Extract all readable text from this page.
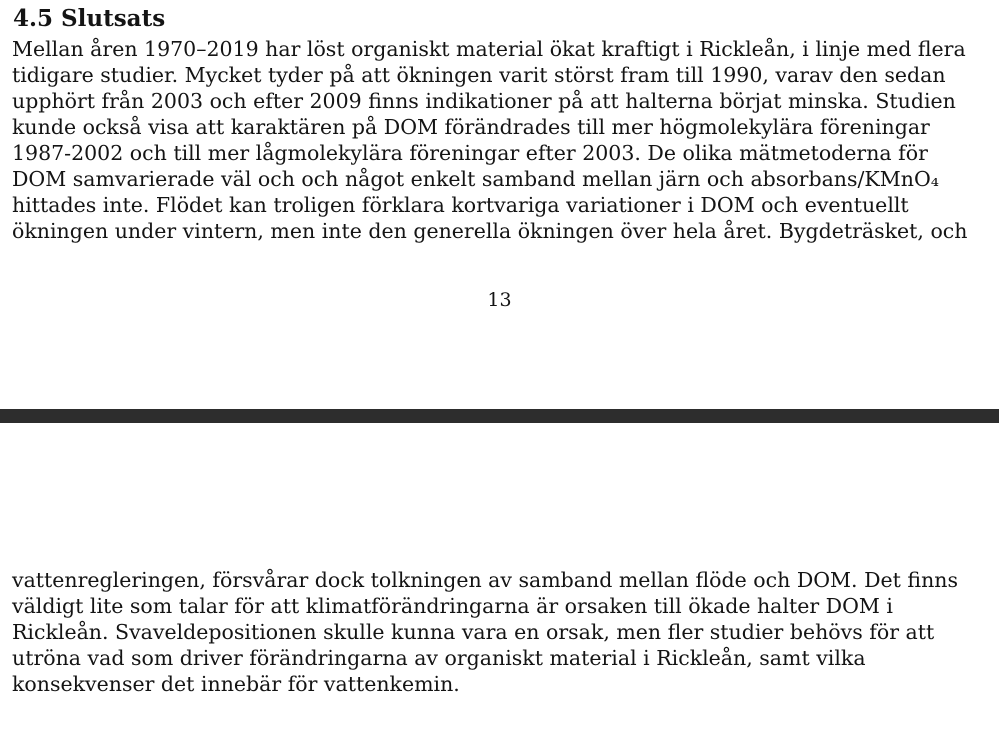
4.5 Slutsats
Mellan åren 1970–2019 har löst organiskt material ökat kraftigt i Rickleån, i linje med flera
tidigare studier. Mycket tyder på att ökningen varit störst fram till 1990, varav den sedan
upphört från 2003 och efter 2009 finns indikationer på att halterna börjat minska. Studien
kunde också visa att karaktären på DOM förändrades till mer högmolekylära föreningar
1987-2002 och till mer lågmolekylära föreningar efter 2003. De olika mätmetoderna för
DOM samvarierade väl och och något enkelt samband mellan järn och absorbans/KMnO₄
hittades inte. Flödet kan troligen förklara kortvariga variationer i DOM och eventuellt
ökningen under vintern, men inte den generella ökningen över hela året. Bygdeträsket, och
13
vattenregleringen, försvårar dock tolkningen av samband mellan flöde och DOM. Det finns
väldigt lite som talar för att klimatförändringarna är orsaken till ökade halter DOM i
Rickleån. Svaveldepositionen skulle kunna vara en orsak, men fler studier behövs för att
utröna vad som driver förändringarna av organiskt material i Rickleån, samt vilka
konsekvenser det innebär för vattenkemin.
